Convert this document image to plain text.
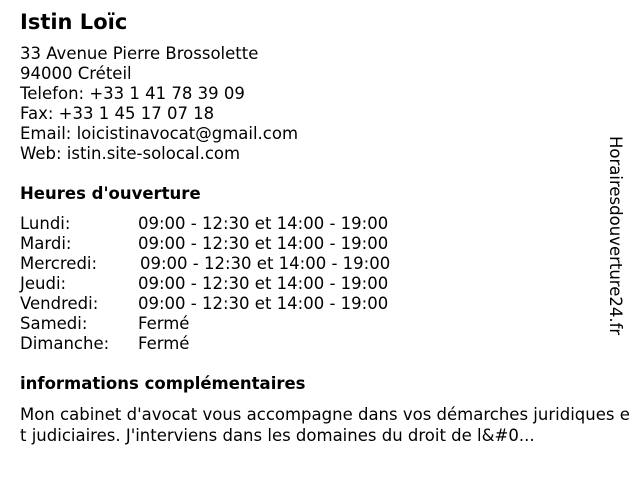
Istin Loïc
33 Avenue Pierre Brossolette
94000 Créteil
Telefon: +33 1 41 78 39 09
Fax: +33 1 45 17 07 18
Email: loicistinavocat@gmail.com
Web: istin.site-solocal.com
Heures d'ouverture
Lundi:	09:00 - 12:30 et 14:00 - 19:00
Mardi:	09:00 - 12:30 et 14:00 - 19:00
Mercredi:	09:00 - 12:30 et 14:00 - 19:00
Jeudi:	09:00 - 12:30 et 14:00 - 19:00
Vendredi: 09:00 - 12:30 et 14:00 - 19:00
Samedi:	Fermé
Dimanche: Fermé
informations complémentaires
Mon cabinet d'avocat vous accompagne dans vos démarches juridiques et judiciaires. J'interviens dans les domaines du droit de l&#0...
Horairesdouverture24.fr
